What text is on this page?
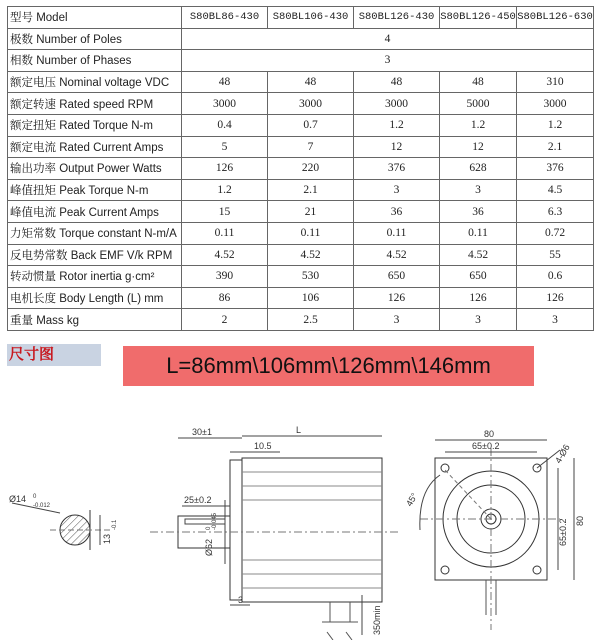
型号 Model	S80BL86-430	S80BL106-430	S80BL126-430	S80BL126-450	S80BL126-630
极数 Number of Poles	4				
相数 Number of Phases	3				
额定电压 Nominal voltage VDC	48	48	48	48	310
额定转速 Rated speed RPM	3000	3000	3000	5000	3000
额定扭矩 Rated Torque N-m	0.4	0.7	1.2	1.2	1.2
额定电流 Rated Current Amps	5	7	12	12	2.1
输出功率 Output Power Watts	126	220	376	628	376
峰值扭矩 Peak Torque N-m	1.2	2.1	3	3	4.5
峰值电流 Peak Current Amps	15	21	36	36	6.3
力矩常数 Torque constant N-m/A	0.11	0.11	0.11	0.11	0.72
反电势常数 Back EMF V/k RPM	4.52	4.52	4.52	4.52	55
转动惯量 Rotor inertia g·cm²	390	530	650	650	0.6
电机长度 Body Length (L) mm	86	106	126	126	126
重量 Mass kg	2	2.5	3	3	3
尺寸图	L=86mm\106mm\126mm\146mm
Ø14
-0.012
0
13
-0.1
30±1	L
10.5
25±0.2
Ø62
-0.045
0
3
350min
45°
80
65±0.2	4-Ø6
65±0.2 80
